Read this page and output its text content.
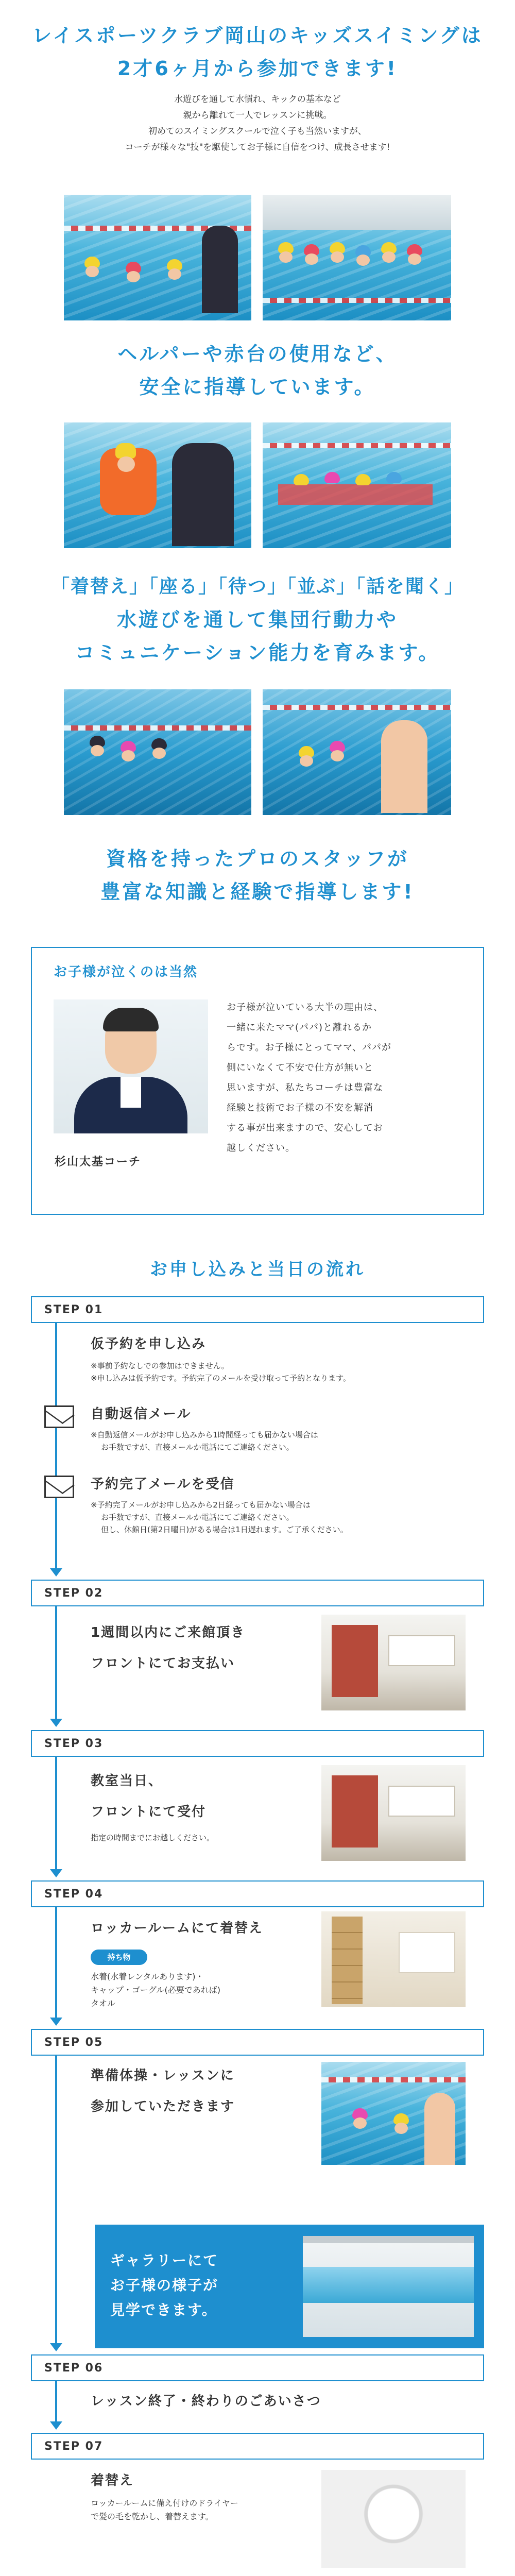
レイスポーツクラブ岡山のキッズスイミングは
2才6ヶ月から参加できます!
水遊びを通して水慣れ、キックの基本など
親から離れて一人でレッスンに挑戦。
初めてのスイミングスクールで泣く子も当然いますが、
コーチが様々な"技"を駆使してお子様に自信をつけ、成長させます!
ヘルパーや赤台の使用など、
安全に指導しています。
「着替え」「座る」「待つ」「並ぶ」「話を聞く」
水遊びを通して集団行動力や
コミュニケーション能力を育みます。
資格を持ったプロのスタッフが
豊富な知識と経験で指導します!
お子様が泣くのは当然
杉山太基コーチ
お子様が泣いている大半の理由は、
一緒に来たママ(パパ)と離れるか
らです。お子様にとってママ、パパが
側にいなくて不安で仕方が無いと
思いますが、私たちコーチは豊富な
経験と技術でお子様の不安を解消
する事が出来ますので、安心してお
越しください。
お申し込みと当日の流れ
STEP 01
仮予約を申し込み
※事前予約なしでの参加はできません。
※申し込みは仮予約です。予約完了のメールを受け取って予約となります。
自動返信メール
※自動返信メールがお申し込みから1時間経っても届かない場合は
お手数ですが、直接メールか電話にてご連絡ください。
予約完了メールを受信
※予約完了メールがお申し込みから2日経っても届かない場合は
お手数ですが、直接メールか電話にてご連絡ください。
但し、休館日(第2日曜日)がある場合は1日遅れます。ご了承ください。
STEP 02
1週間以内にご来館頂き
フロントにてお支払い
STEP 03
教室当日、
フロントにて受付
指定の時間までにお越しください。
STEP 04
ロッカールームにて着替え
持ち物
水着(水着レンタルあります)・
キャップ・ゴーグル(必要であれば)
タオル
STEP 05
準備体操・レッスンに
参加していただきます
ギャラリーにて
お子様の様子が
見学できます。
STEP 06
レッスン終了・終わりのごあいさつ
STEP 07
着替え
ロッカールームに備え付けのドライヤー
で髪の毛を乾かし、着替えます。
